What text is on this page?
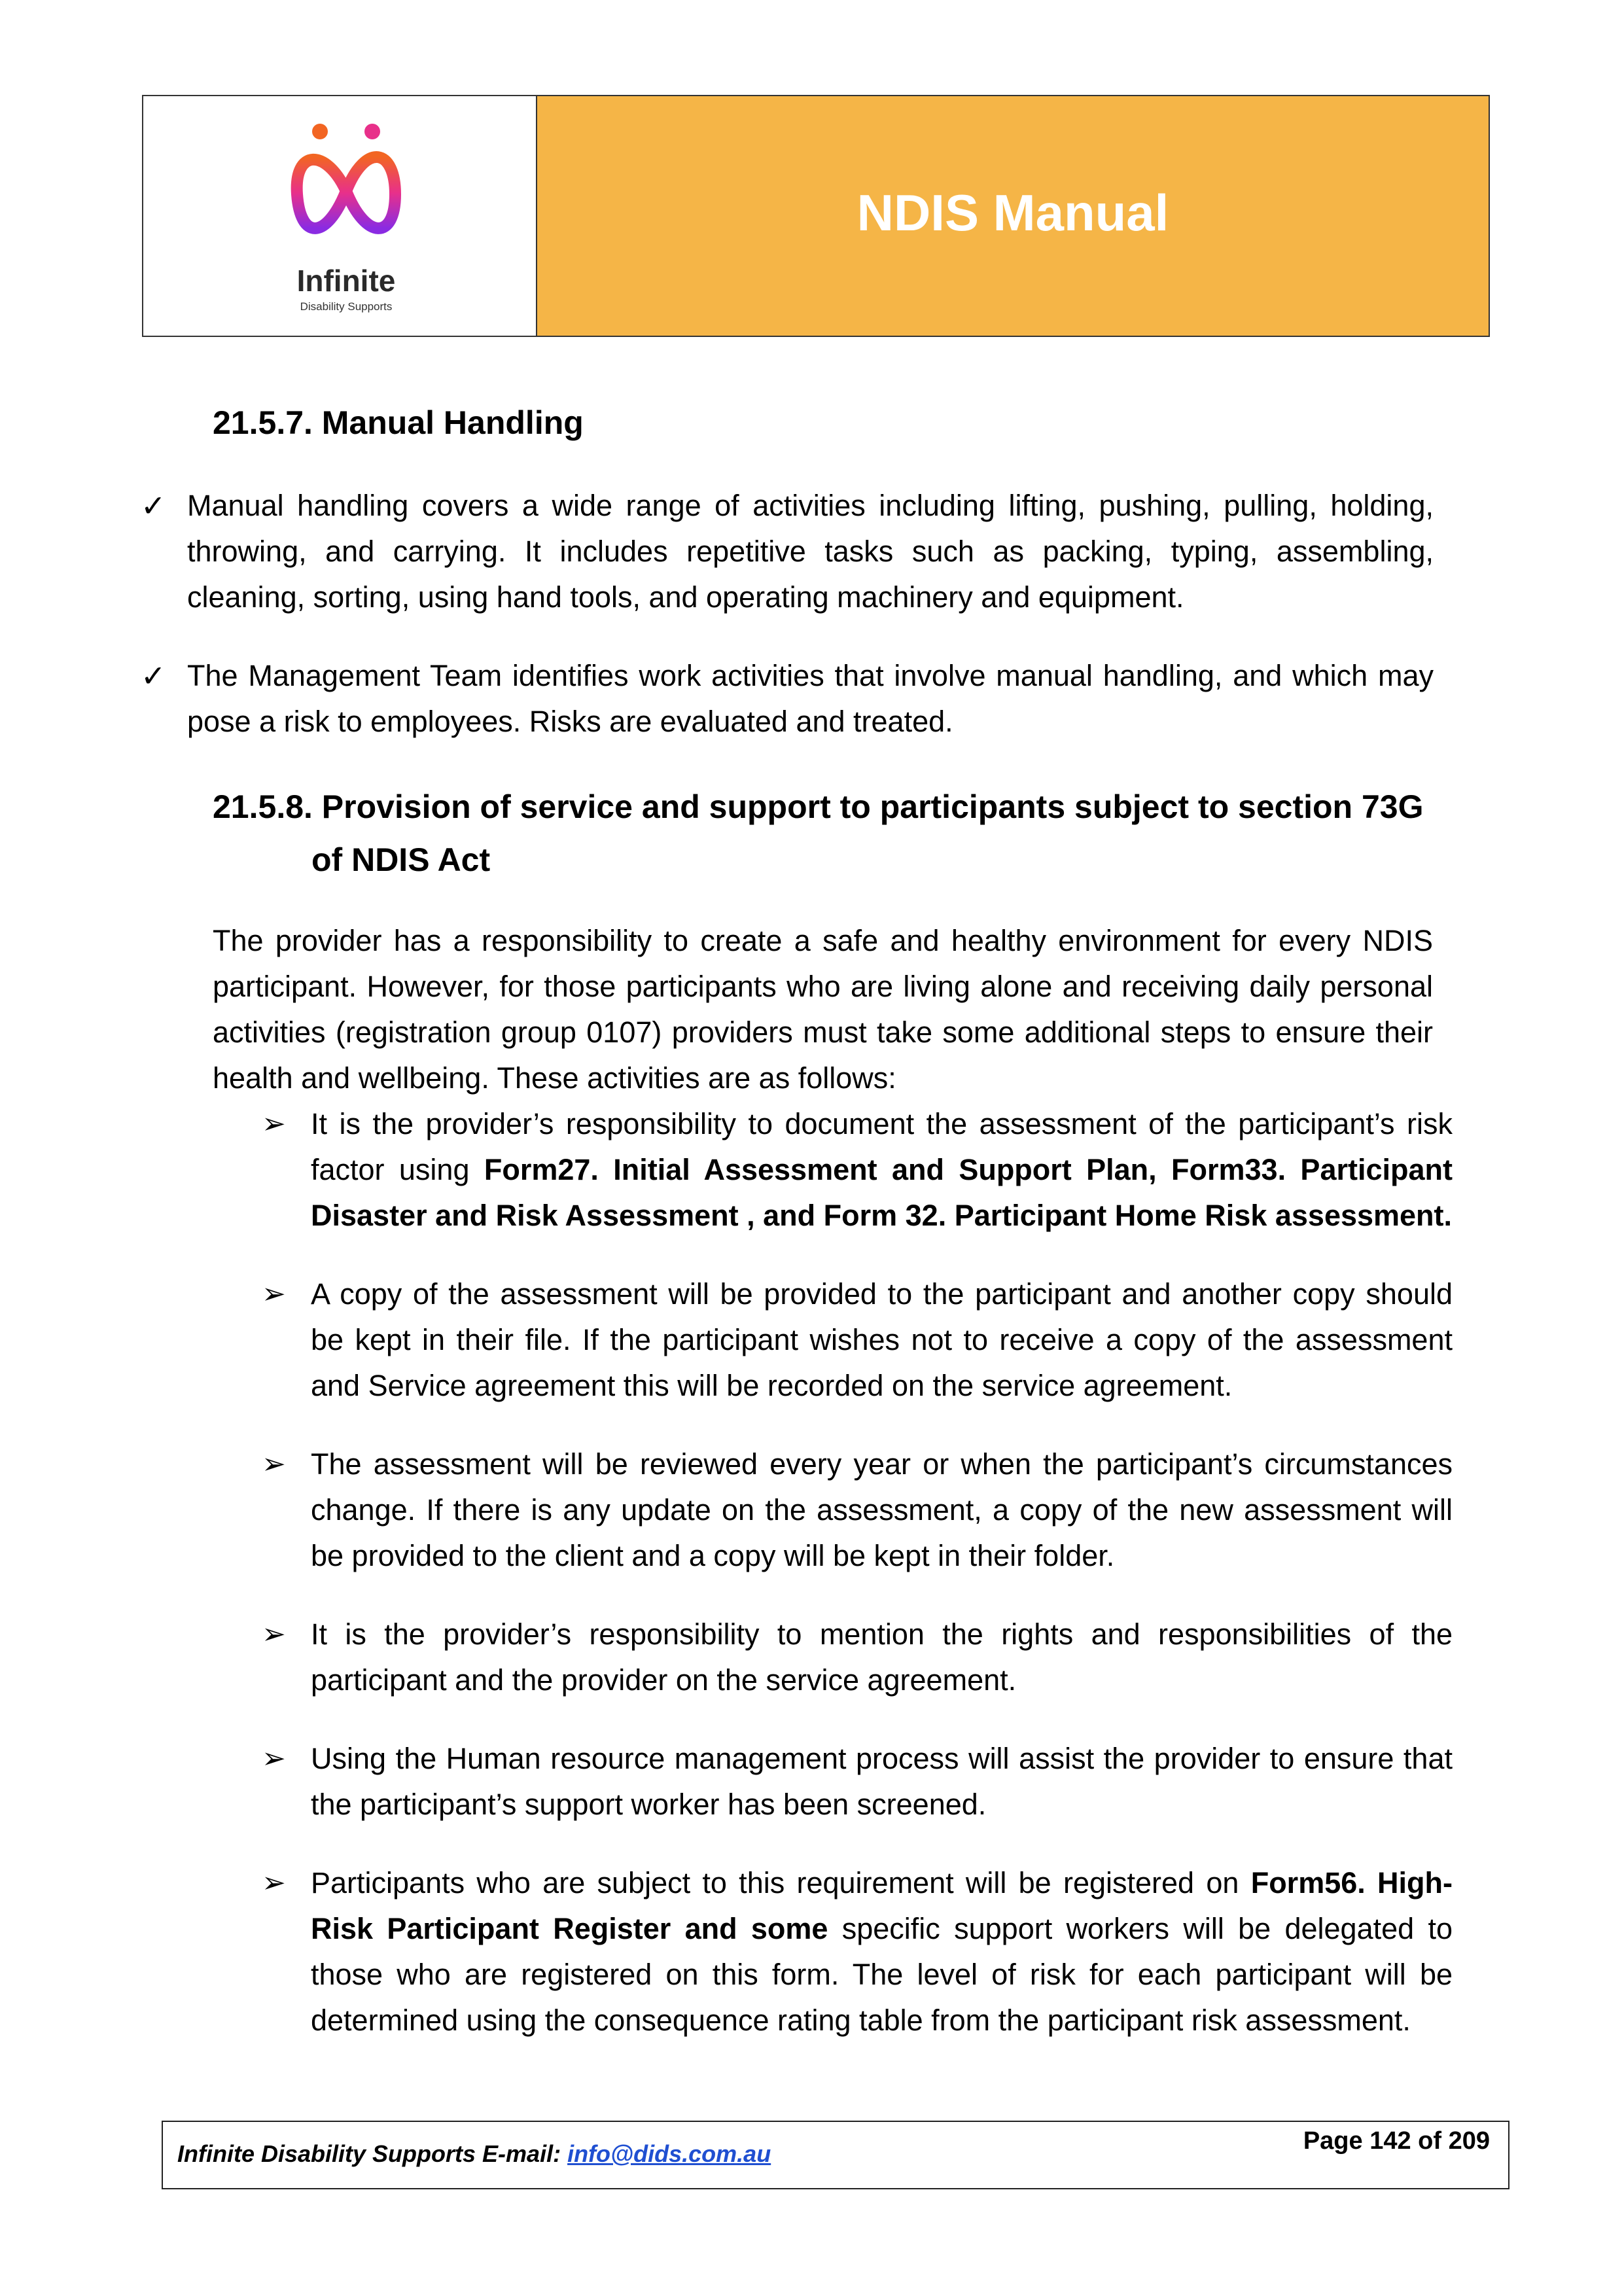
Infinite
Disability Supports
NDIS Manual
21.5.7. Manual Handling
✓ Manual handling covers a wide range of activities including lifting, pushing, pulling, holding, throwing, and carrying. It includes repetitive tasks such as packing, typing, assembling, cleaning, sorting, using hand tools, and operating machinery and equipment.

✓ The Management Team identifies work activities that involve manual handling, and which may pose a risk to employees. Risks are evaluated and treated.

21.5.8. Provision of service and support to participants subject to section 73G
of NDIS Act

The provider has a responsibility to create a safe and healthy environment for every NDIS participant. However, for those participants who are living alone and receiving daily personal activities (registration group 0107) providers must take some additional steps to ensure their health and wellbeing. These activities are as follows:

➢ It is the provider’s responsibility to document the assessment of the participant’s risk factor using Form27. Initial Assessment and Support Plan, Form33. Participant Disaster and Risk Assessment , and Form 32. Participant Home Risk assessment.

➢ A copy of the assessment will be provided to the participant and another copy should be kept in their file. If the participant wishes not to receive a copy of the assessment and Service agreement this will be recorded on the service agreement.

➢ The assessment will be reviewed every year or when the participant’s circumstances change. If there is any update on the assessment, a copy of the new assessment will be provided to the client and a copy will be kept in their folder.

➢ It is the provider’s responsibility to mention the rights and responsibilities of the participant and the provider on the service agreement.

➢ Using the Human resource management process will assist the provider to ensure that the participant’s support worker has been screened.

➢ Participants who are subject to this requirement will be registered on Form56. High-Risk Participant Register and some specific support workers will be delegated to those who are registered on this form. The level of risk for each participant will be determined using the consequence rating table from the participant risk assessment.

Infinite Disability Supports E-mail: info@dids.com.au	Page 142 of 209
